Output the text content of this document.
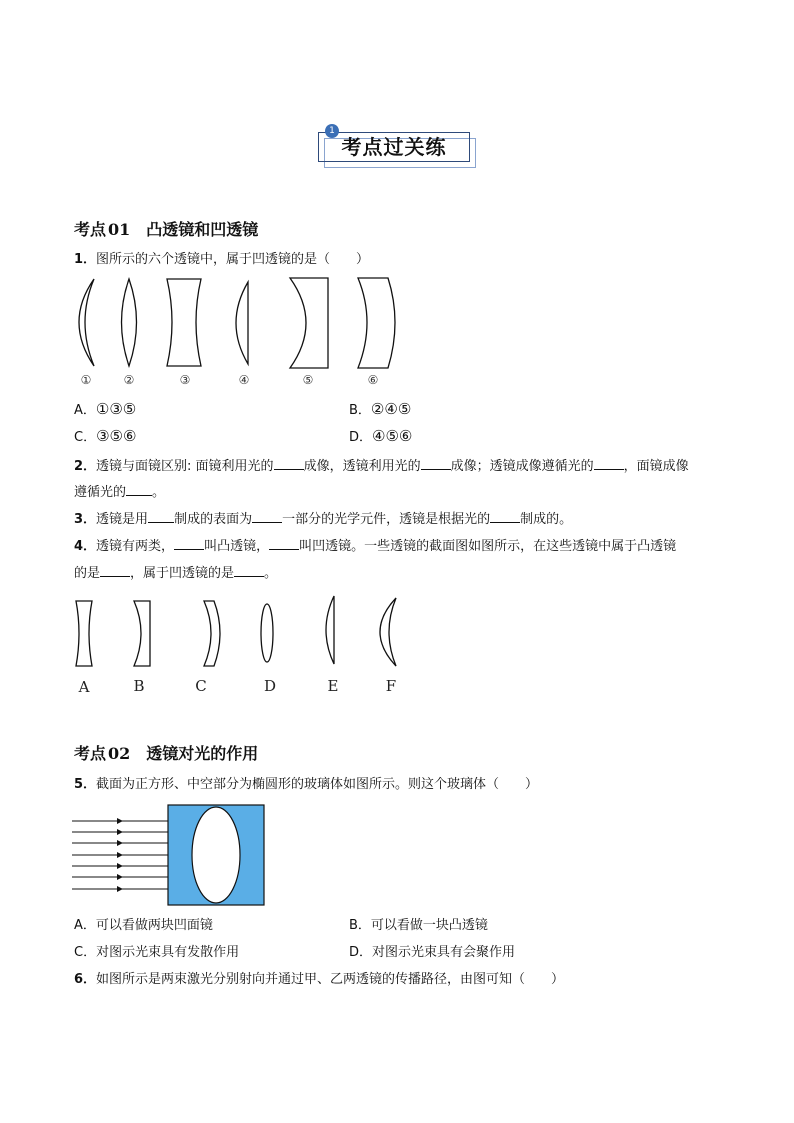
1
考点过关练
考点 01 凸透镜和凹透镜
1．图所示的六个透镜中，属于凹透镜的是（　　）
①	②	③	④	⑤	⑥
A．①③⑤	B．②④⑤
C．③⑤⑥	D．④⑤⑥
2．透镜与面镜区别: 面镜利用光的 成像，透镜利用光的 成像；透镜成像遵循光的 ，面镜成像
遵循光的 。
3．透镜是用 制成的表面为 一部分的光学元件，透镜是根据光的 制成的。
4．透镜有两类， 叫凸透镜， 叫凹透镜。一些透镜的截面图如图所示，在这些透镜中属于凸透镜
的是 ，属于凹透镜的是 。
A	B	C	D	E	F
考点 02 透镜对光的作用
5．截面为正方形、中空部分为椭圆形的玻璃体如图所示。则这个玻璃体（　　）
A．可以看做两块凹面镜	B．可以看做一块凸透镜
C．对图示光束具有发散作用	D．对图示光束具有会聚作用
6．如图所示是两束激光分别射向并通过甲、乙两透镜的传播路径，由图可知（　　）
